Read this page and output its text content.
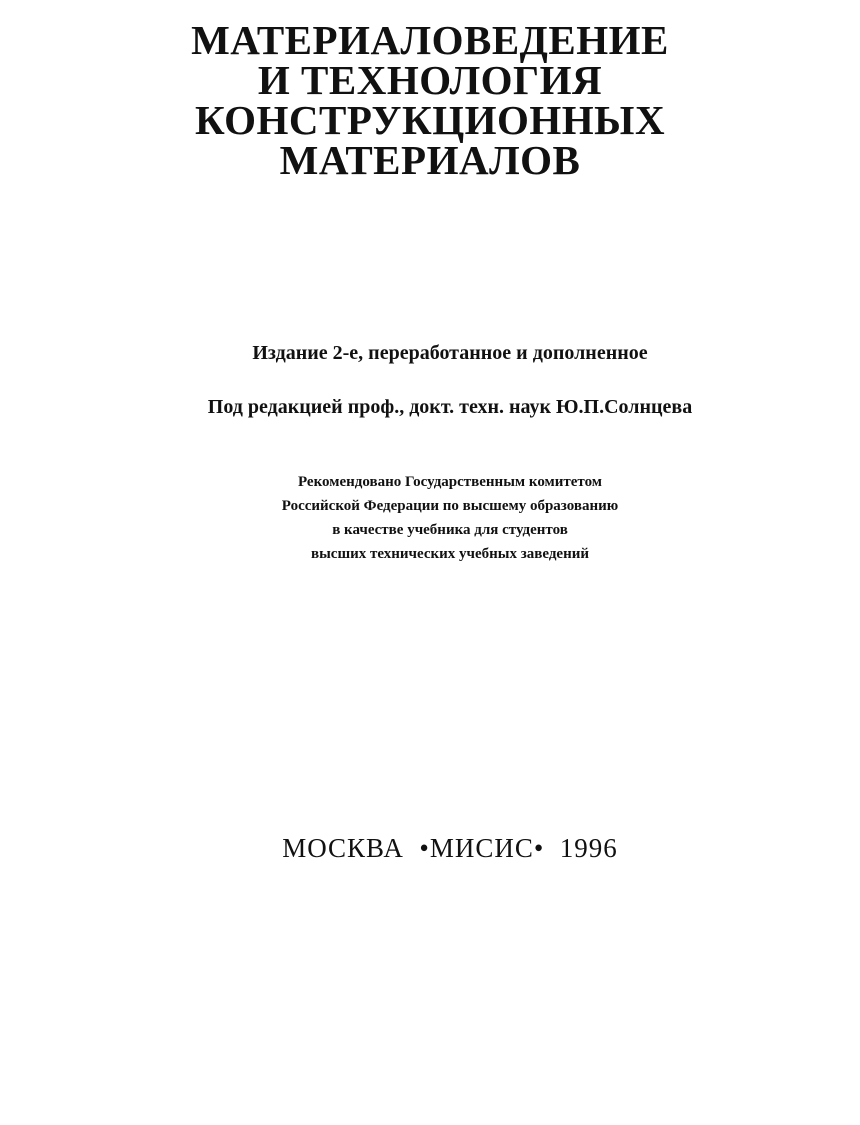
МАТЕРИАЛОВЕДЕНИЕ
И ТЕХНОЛОГИЯ
КОНСТРУКЦИОННЫХ
МАТЕРИАЛОВ
Издание 2-е, переработанное и дополненное
Под редакцией проф., докт. техн. наук Ю.П.Солнцева
Рекомендовано Государственным комитетом
Российской Федерации по высшему образованию
в качестве учебника для студентов
высших технических учебных заведений
МОСКВА  •МИСИС•  1996
